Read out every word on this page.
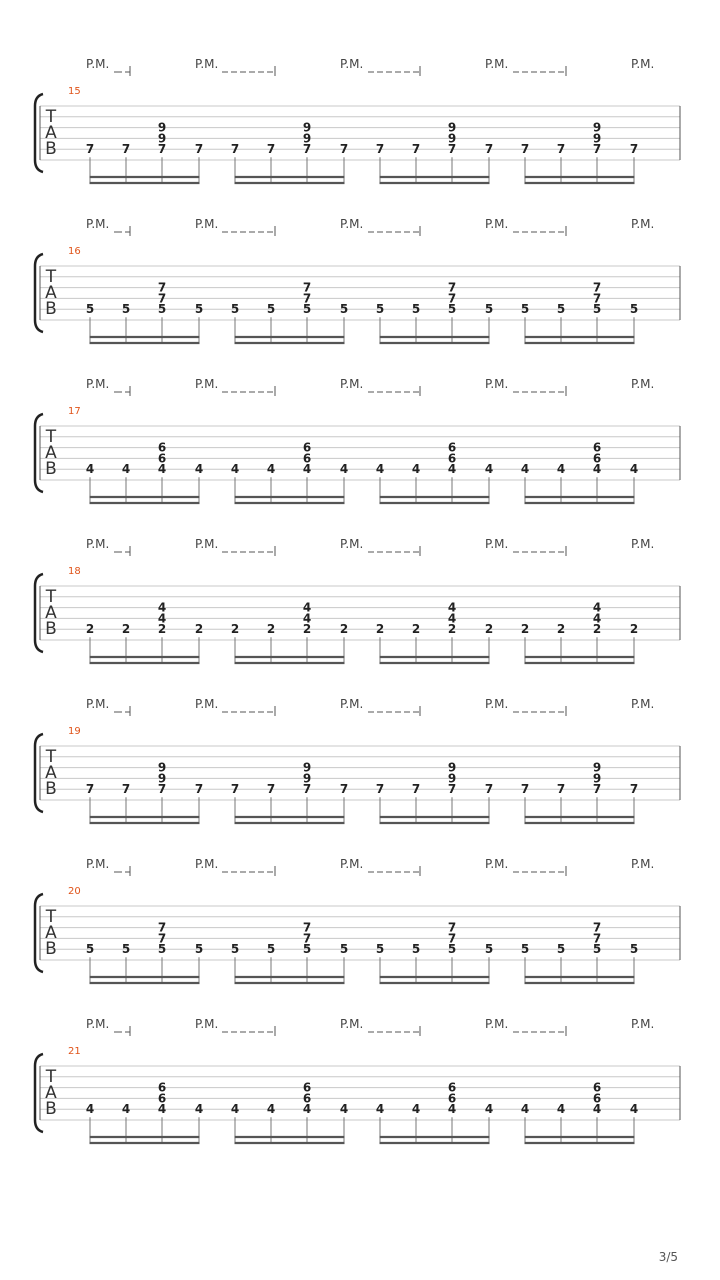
P.M.	P.M.	P.M.	P.M.	P.M.
15
T
A
B 7 7 7
9
9
7 7 7 7
9
9
7 7 7 7
9
9
7 7 7 7
9
9
7
P.M.	P.M.	P.M.	P.M.	P.M.
16
T
A
B 5 5 5
7
7
5 5 5 5
7
7
5 5 5 5
7
7
5 5 5 5
7
7
5
P.M.	P.M.	P.M.	P.M.	P.M.
17
T
A
B 4 4 4
6
6
4 4 4 4
6
6
4 4 4 4
6
6
4 4 4 4
6
6
4
P.M.	P.M.	P.M.	P.M.	P.M.
18
T
A
B 2 2 2
4
4
2 2 2 2
4
4
2 2 2 2
4
4
2 2 2 2
4
4
2
P.M.	P.M.	P.M.	P.M.	P.M.
19
T
A
B 7 7 7
9
9
7 7 7 7
9
9
7 7 7 7
9
9
7 7 7 7
9
9
7
P.M.	P.M.	P.M.	P.M.	P.M.
20
T
A
B 5 5 5
7
7
5 5 5 5
7
7
5 5 5 5
7
7
5 5 5 5
7
7
5
P.M.	P.M.	P.M.	P.M.	P.M.
21
T
A
B 4 4 4
6
6
4 4 4 4
6
6
4 4 4 4
6
6
4 4 4 4
6
6
4
3/5
